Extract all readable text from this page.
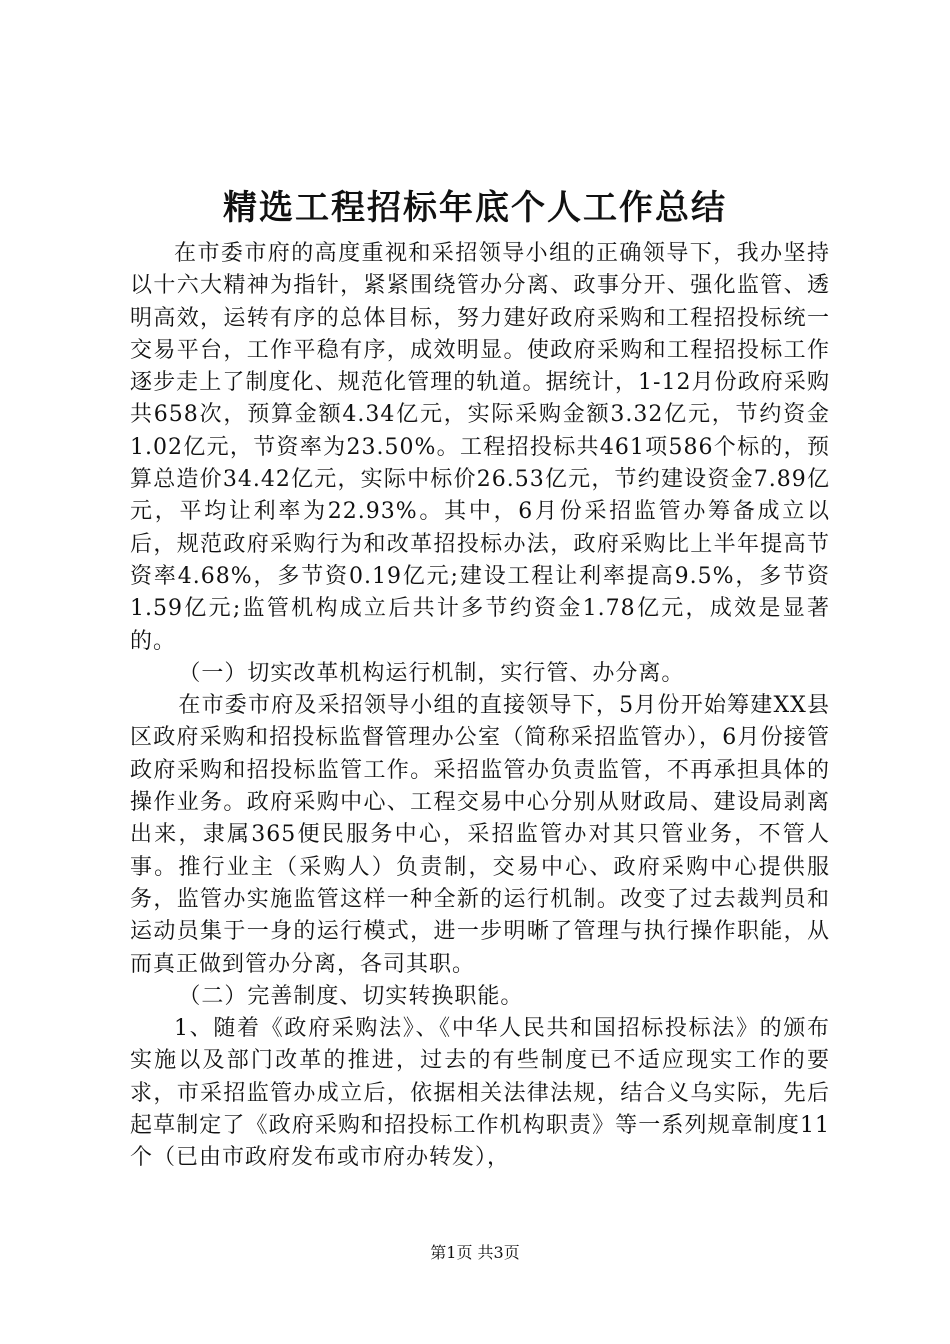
精选工程招标年底个人工作总结

在市委市府的高度重视和采招领导小组的正确领导下，我办坚持以十六大精神为指针，紧紧围绕管办分离、政事分开、强化监管、透明高效，运转有序的总体目标，努力建好政府采购和工程招投标统一交易平台，工作平稳有序，成效明显。使政府采购和工程招投标工作逐步走上了制度化、规范化管理的轨道。据统计，1-12月份政府采购共658次，预算金额4.34亿元，实际采购金额3.32亿元，节约资金1.02亿元，节资率为23.50%。工程招投标共461项586个标的，预算总造价34.42亿元，实际中标价26.53亿元，节约建设资金7.89亿元，平均让利率为22.93%。其中，6月份采招监管办筹备成立以后，规范政府采购行为和改革招投标办法，政府采购比上半年提高节资率4.68%，多节资0.19亿元;建设工程让利率提高9.5%，多节资1.59亿元;监管机构成立后共计多节约资金1.78亿元，成效是显著的。

（一）切实改革机构运行机制，实行管、办分离。

在市委市府及采招领导小组的直接领导下，5月份开始筹建XX县区政府采购和招投标监督管理办公室（简称采招监管办），6月份接管政府采购和招投标监管工作。采招监管办负责监管，不再承担具体的操作业务。政府采购中心、工程交易中心分别从财政局、建设局剥离出来，隶属365便民服务中心，采招监管办对其只管业务，不管人事。推行业主（采购人）负责制，交易中心、政府采购中心提供服务，监管办实施监管这样一种全新的运行机制。改变了过去裁判员和运动员集于一身的运行模式，进一步明晰了管理与执行操作职能，从而真正做到管办分离，各司其职。

（二）完善制度、切实转换职能。

1、随着《政府采购法》、《中华人民共和国招标投标法》的颁布实施以及部门改革的推进，过去的有些制度已不适应现实工作的要求，市采招监管办成立后，依据相关法律法规，结合义乌实际，先后起草制定了《政府采购和招投标工作机构职责》等一系列规章制度11个（已由市政府发布或市府办转发），

第1页 共3页
